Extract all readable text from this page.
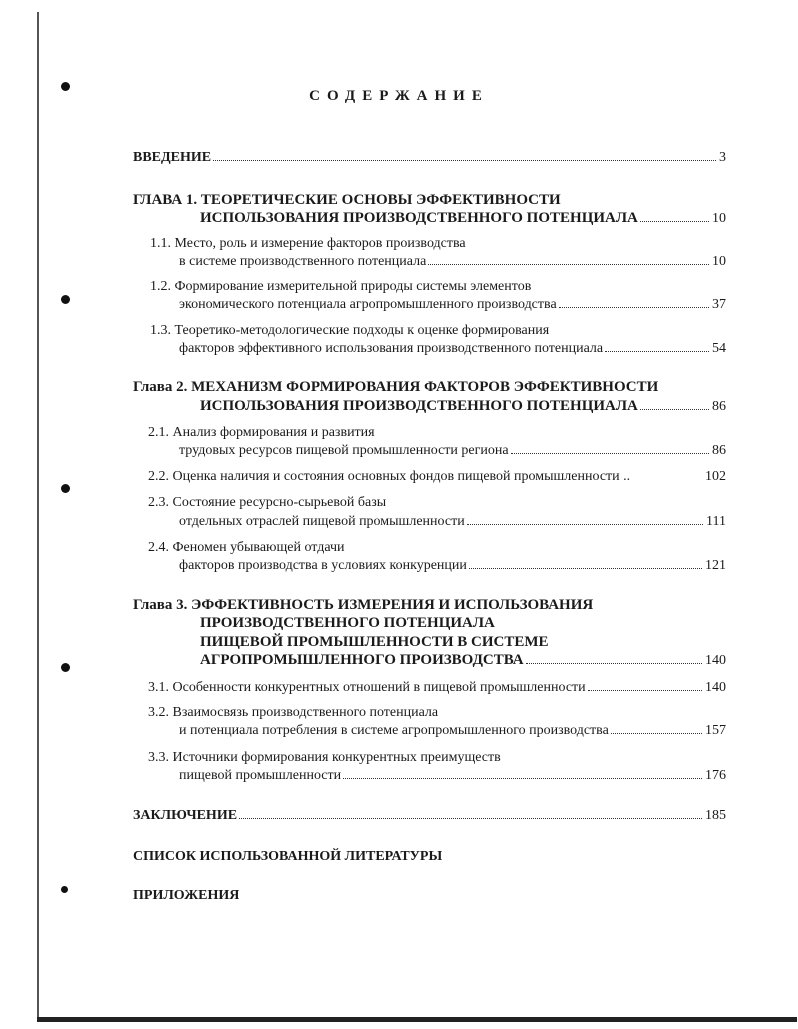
СОДЕРЖАНИЕ
ВВЕДЕНИЕ	3
ГЛАВА 1. ТЕОРЕТИЧЕСКИЕ ОСНОВЫ ЭФФЕКТИВНОСТИ
ИСПОЛЬЗОВАНИЯ ПРОИЗВОДСТВЕННОГО ПОТЕНЦИАЛА	10
1.1. Место, роль и измерение факторов производства
в системе производственного потенциала	10
1.2. Формирование измерительной природы системы элементов
экономического потенциала агропромышленного производства	37
1.3. Теоретико-методологические подходы к оценке формирования
факторов эффективного использования производственного потенциала	54
Глава 2. МЕХАНИЗМ ФОРМИРОВАНИЯ ФАКТОРОВ ЭФФЕКТИВНОСТИ
ИСПОЛЬЗОВАНИЯ ПРОИЗВОДСТВЕННОГО ПОТЕНЦИАЛА	86
2.1. Анализ формирования и развития
трудовых ресурсов пищевой промышленности региона	86
2.2. Оценка наличия и состояния основных фондов пищевой промышленности ..	102
2.3. Состояние ресурсно-сырьевой базы
отдельных отраслей пищевой промышленности	111
2.4. Феномен убывающей отдачи
факторов производства в условиях конкуренции	121
Глава 3. ЭФФЕКТИВНОСТЬ ИЗМЕРЕНИЯ И ИСПОЛЬЗОВАНИЯ
ПРОИЗВОДСТВЕННОГО ПОТЕНЦИАЛА
ПИЩЕВОЙ ПРОМЫШЛЕННОСТИ В СИСТЕМЕ
АГРОПРОМЫШЛЕННОГО ПРОИЗВОДСТВА	140
3.1. Особенности конкурентных отношений в пищевой промышленности	140
3.2. Взаимосвязь производственного потенциала
и потенциала потребления в системе агропромышленного производства	157
3.3. Источники формирования конкурентных преимуществ
пищевой промышленности	176
ЗАКЛЮЧЕНИЕ	185
СПИСОК ИСПОЛЬЗОВАННОЙ ЛИТЕРАТУРЫ
ПРИЛОЖЕНИЯ
